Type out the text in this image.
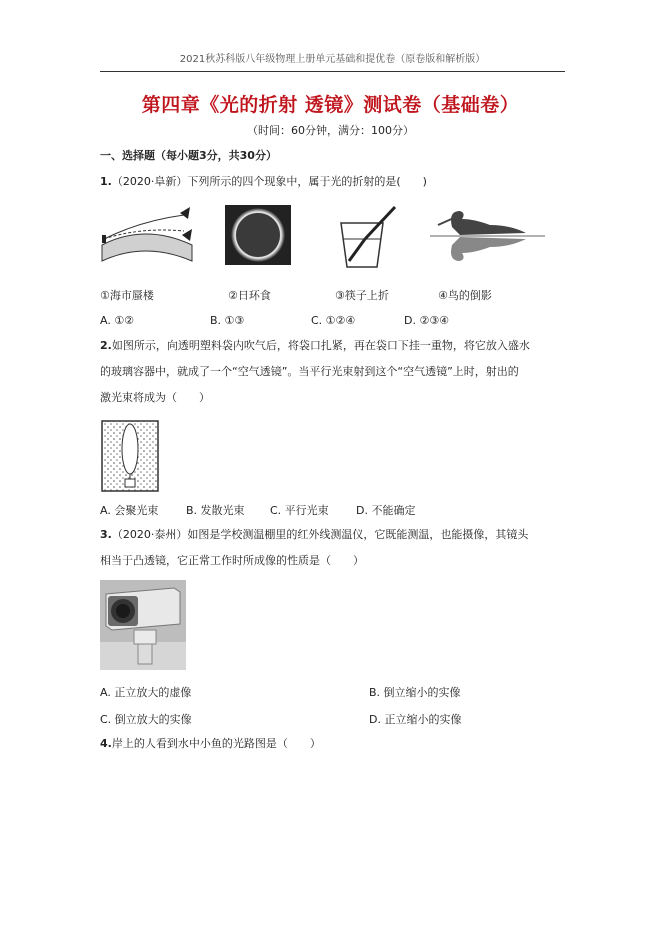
2021秋苏科版八年级物理上册单元基础和提优卷（原卷版和解析版）
第四章《光的折射 透镜》测试卷（基础卷）
（时间：60分钟，满分：100分）
一、选择题（每小题3分，共30分）
1.（2020·阜新）下列所示的四个现象中，属于光的折射的是(　　)
①海市蜃楼	②日环食	③筷子上折	④鸟的倒影
A. ①②	B. ①③	C. ①②④	D. ②③④
2.如图所示，向透明塑料袋内吹气后，将袋口扎紧，再在袋口下挂一重物，将它放入盛水
的玻璃容器中，就成了一个“空气透镜”。当平行光束射到这个“空气透镜”上时，射出的
激光束将成为（　　）
A. 会聚光束	B. 发散光束 C. 平行光束 D. 不能确定
3.（2020·泰州）如图是学校测温棚里的红外线测温仪，它既能测温，也能摄像，其镜头
相当于凸透镜，它正常工作时所成像的性质是（　　）
A. 正立放大的虚像	B. 倒立缩小的实像
C. 倒立放大的实像	D. 正立缩小的实像
4.岸上的人看到水中小鱼的光路图是（　　）
